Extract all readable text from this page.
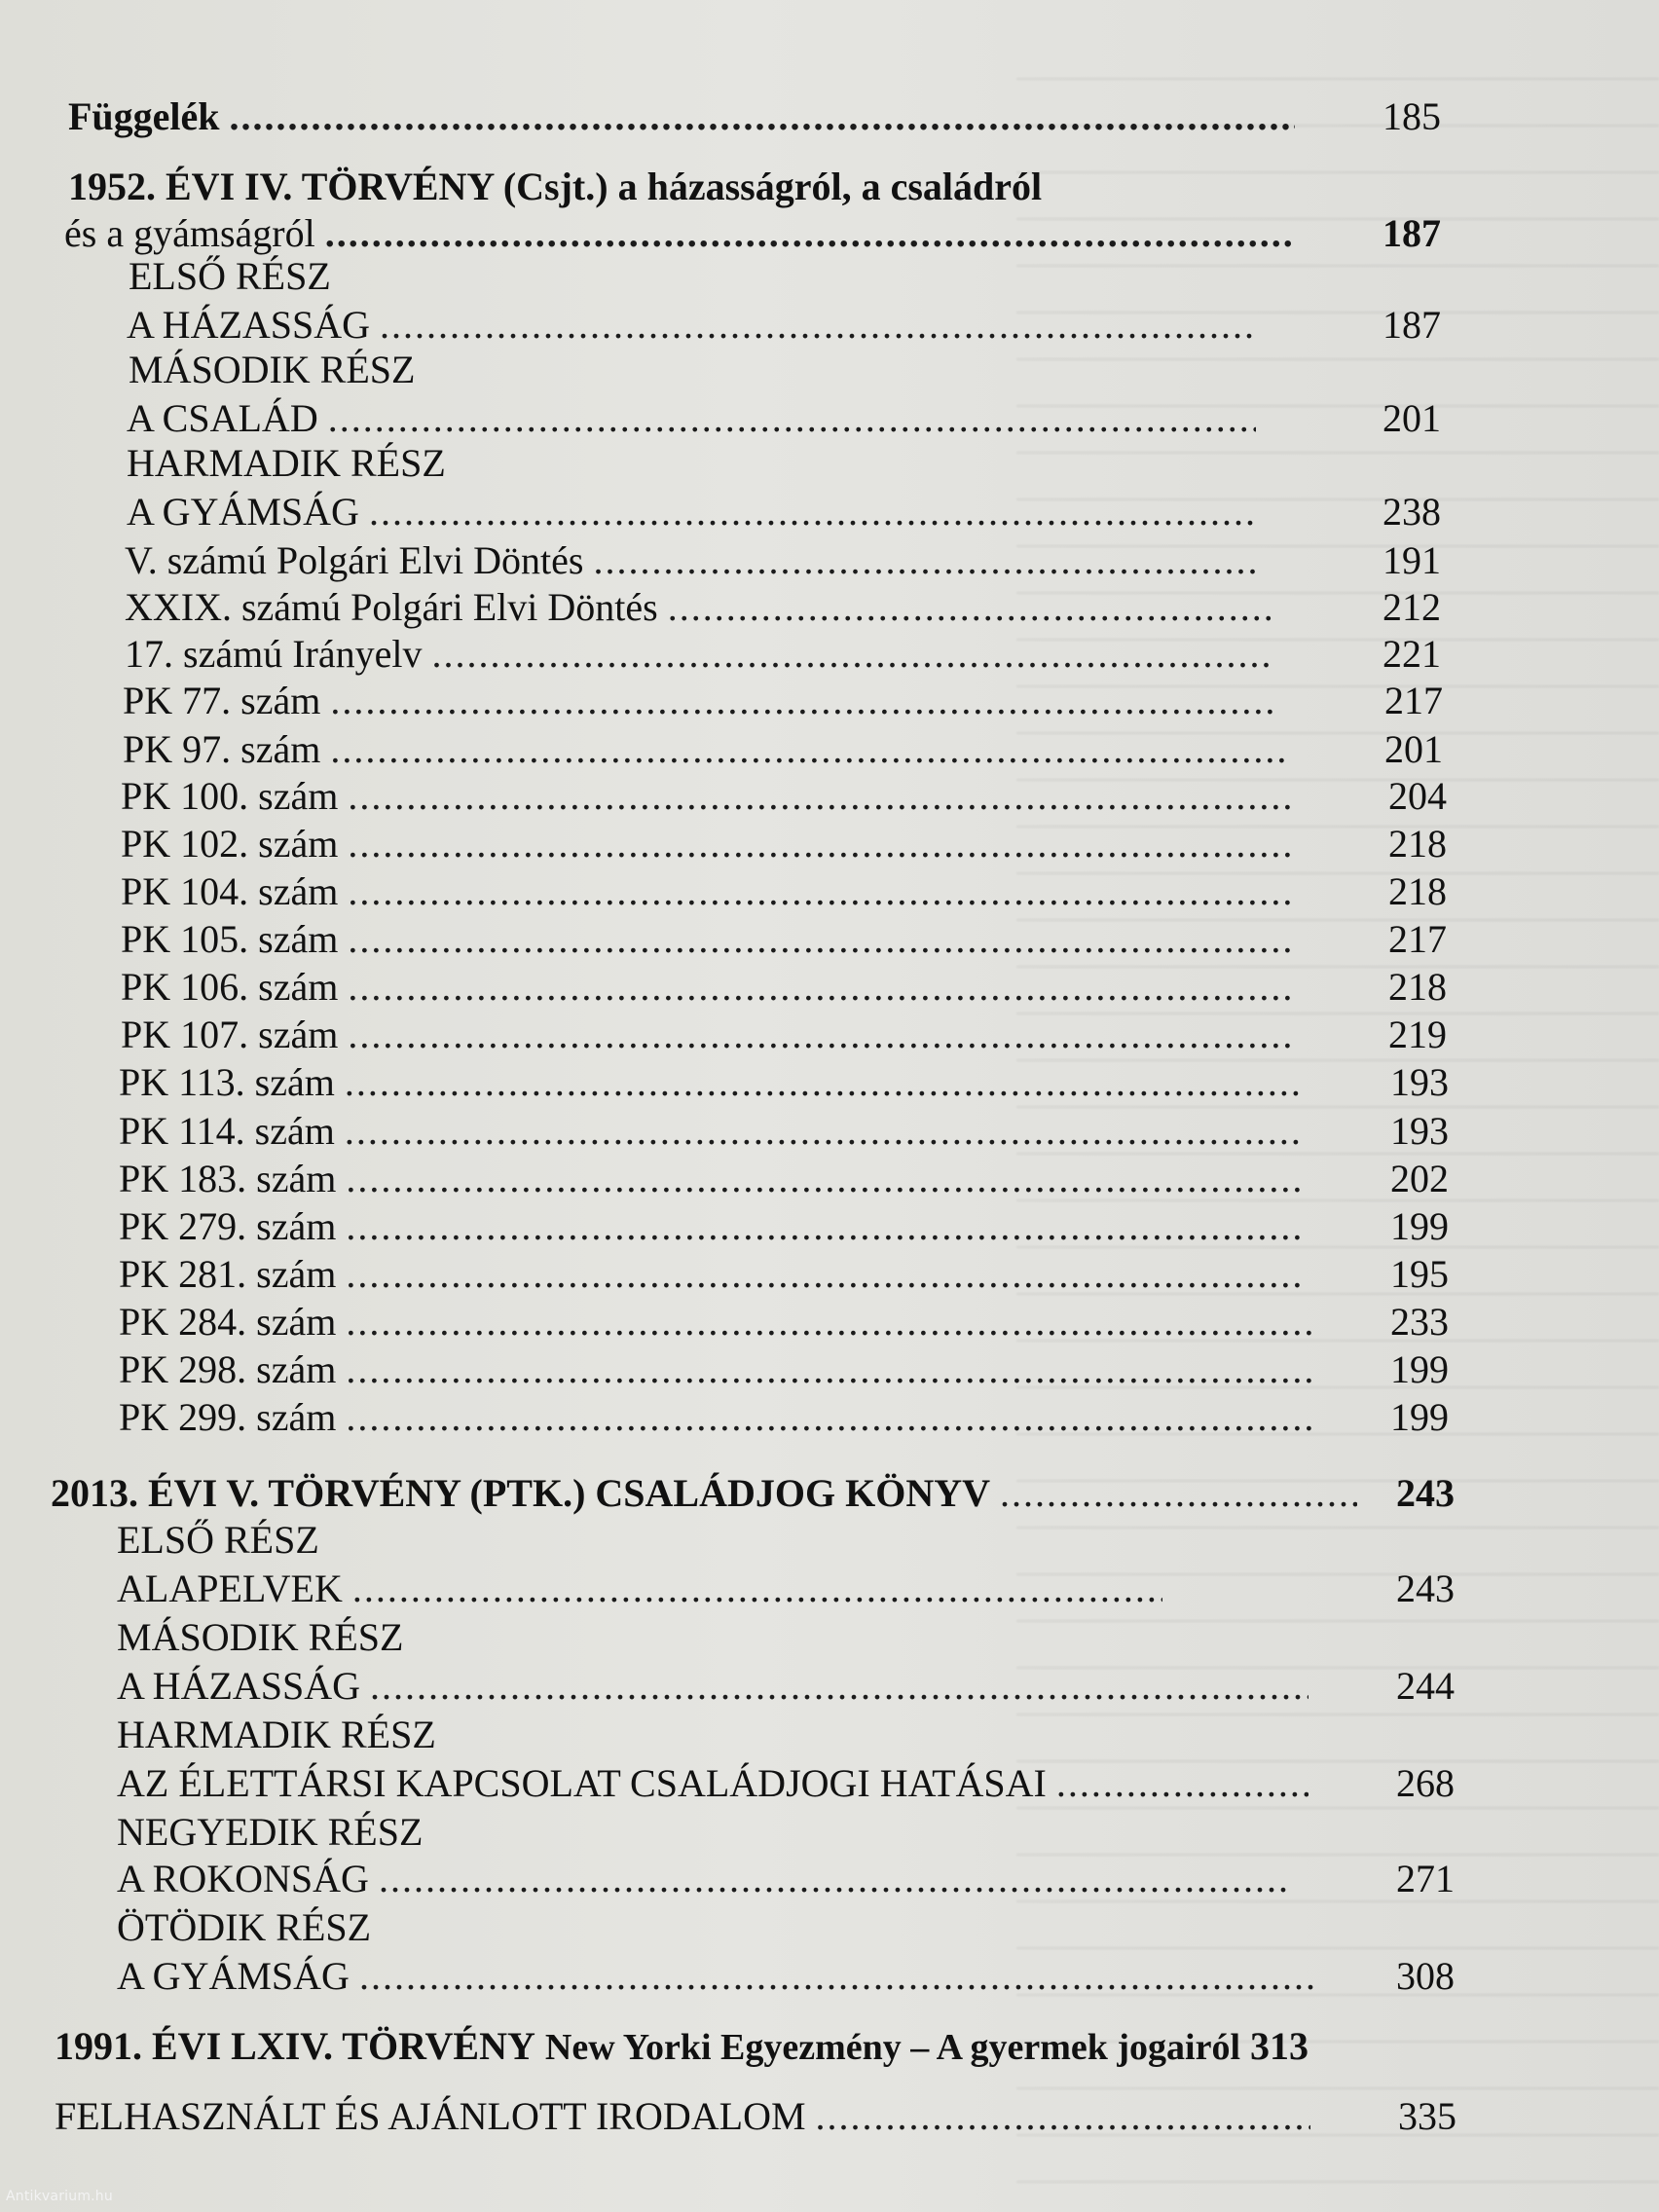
Függelék .....	185
1952. ÉVI IV. TÖRVÉNY (Csjt.) a házasságról, a családról
és a gyámságról .....	187
ELSŐ RÉSZ
A HÁZASSÁG .....	187
MÁSODIK RÉSZ
A CSALÁD .....	201
HARMADIK RÉSZ
A GYÁMSÁG .....	238
V. számú Polgári Elvi Döntés .....	191
XXIX. számú Polgári Elvi Döntés .....	212
17. számú Irányelv .....	221
PK 77. szám .....	217
PK 97. szám .....	201
PK 100. szám .....	204
PK 102. szám .....	218
PK 104. szám .....	218
PK 105. szám .....	217
PK 106. szám .....	218
PK 107. szám .....	219
PK 113. szám .....	193
PK 114. szám .....	193
PK 183. szám .....	202
PK 279. szám .....	199
PK 281. szám .....	195
PK 284. szám .....	233
PK 298. szám .....	199
PK 299. szám .....	199
2013. ÉVI V. TÖRVÉNY (PTK.) CSALÁDJOG KÖNYV .....	243
ELSŐ RÉSZ
ALAPELVEK .....	243
MÁSODIK RÉSZ
A HÁZASSÁG .....	244
HARMADIK RÉSZ
AZ ÉLETTÁRSI KAPCSOLAT CSALÁDJOGI HATÁSAI .....	268
NEGYEDIK RÉSZ
A ROKONSÁG .....	271
ÖTÖDIK RÉSZ
A GYÁMSÁG .....	308
1991. ÉVI LXIV. TÖRVÉNY New Yorki Egyezmény – A gyermek jogairól 313
FELHASZNÁLT ÉS AJÁNLOTT IRODALOM .....	335
Antikvarium.hu
